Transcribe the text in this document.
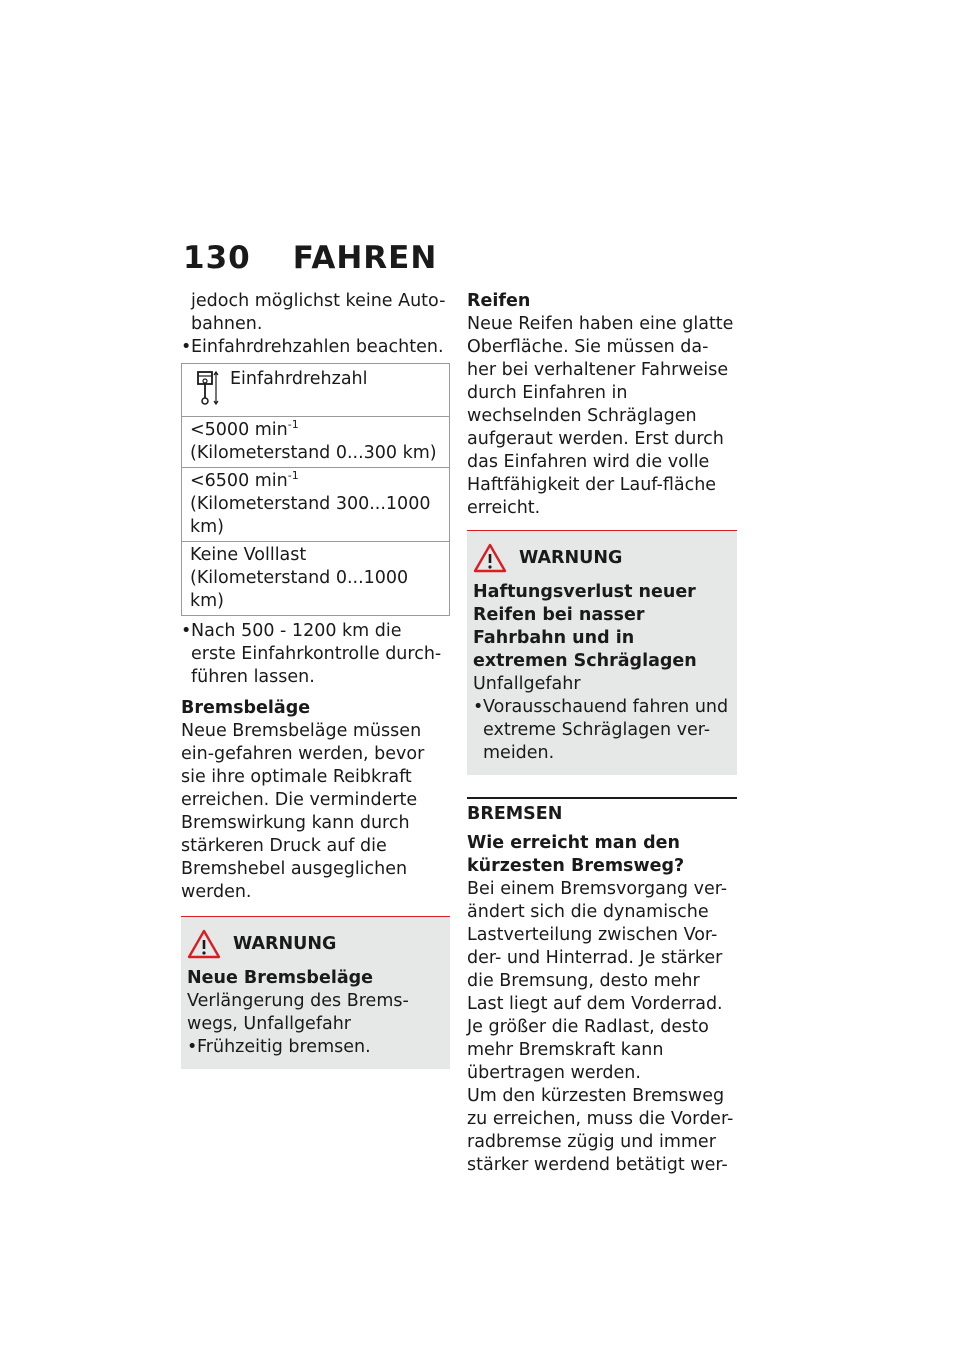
130 FAHREN

jedoch möglichst keine Auto-bahnen.

• Einfahrdrehzahlen beachten.

Einfahrdrehzahl
<5000 $\min^{-1}$ (Kilometerstand 0...300 km)
<6500 $\min^{-1}$ (Kilometerstand 300...1000 km)
Keine Volllast (Kilometerstand 0...1000 km)

• Nach 500 - 1200 km die erste Einfahrkontrolle durch-führen lassen.

Bremsbeläge

Neue Bremsbeläge müssen ein-gefahren werden, bevor sie ihre optimale Reibkraft erreichen. Die verminderte Bremswirkung kann durch stärkeren Druck auf die Bremshebel ausgeglichen werden.

WARNUNG

Neue Bremsbeläge

Verlängerung des Brems-wegs, Unfallgefahr

• Frühzeitig bremsen.

Reifen

Neue Reifen haben eine glatte Oberfläche. Sie müssen da-her bei verhaltener Fahrweise durch Einfahren in wechselnden Schräglagen aufgeraut werden. Erst durch das Einfahren wird die volle Haftfähigkeit der Lauf-fläche erreicht.

WARNUNG

Haftungsverlust neuer Reifen bei nasser Fahrbahn und in extremen Schräglagen

Unfallgefahr

• Vorausschauend fahren und extreme Schräglagen ver-meiden.

BREMSEN

Wie erreicht man den kürzesten Bremsweg?

Bei einem Bremsvorgang ver-ändert sich die dynamische Lastverteilung zwischen Vor-der- und Hinterrad. Je stärker die Bremsung, desto mehr Last liegt auf dem Vorderrad. Je größer die Radlast, desto mehr Bremskraft kann übertragen werden.

Um den kürzesten Bremsweg zu erreichen, muss die Vorder-radbremse zügig und immer stärker werdend betätigt wer-
